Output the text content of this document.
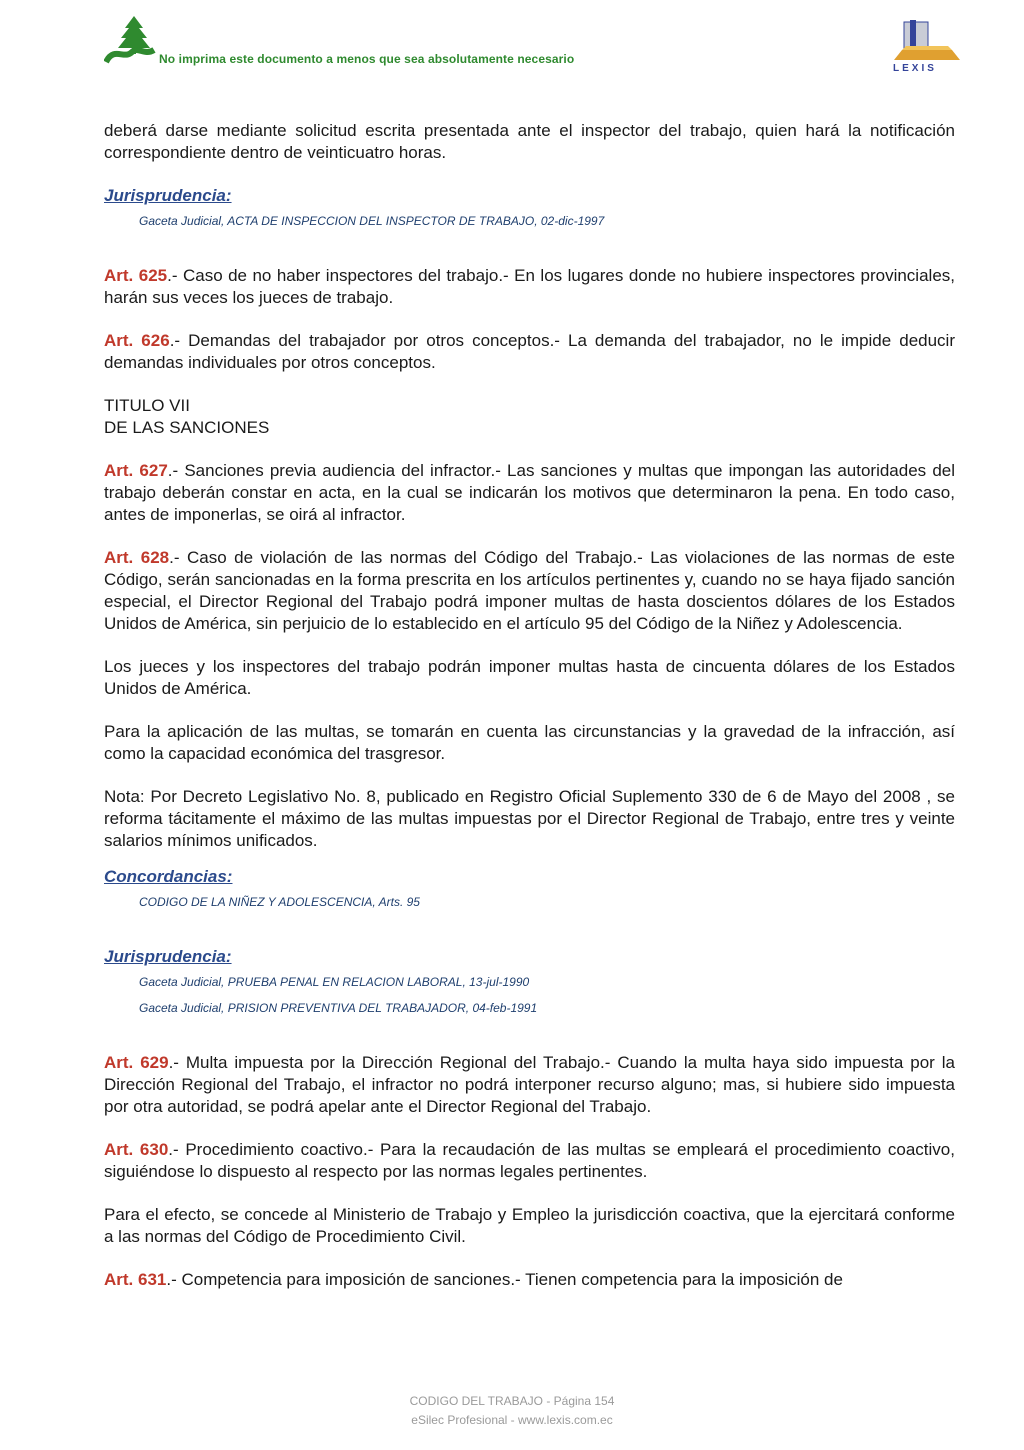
No imprima este documento a menos que sea absolutamente necesario
LEXIS

deberá darse mediante solicitud escrita presentada ante el inspector del trabajo, quien hará la notificación correspondiente dentro de veinticuatro horas.

Jurisprudencia:

Gaceta Judicial, ACTA DE INSPECCION DEL INSPECTOR DE TRABAJO, 02-dic-1997

Art. 625.- Caso de no haber inspectores del trabajo.- En los lugares donde no hubiere inspectores provinciales, harán sus veces los jueces de trabajo.

Art. 626.- Demandas del trabajador por otros conceptos.- La demanda del trabajador, no le impide deducir demandas individuales por otros conceptos.

TITULO VII

DE LAS SANCIONES

Art. 627.- Sanciones previa audiencia del infractor.- Las sanciones y multas que impongan las autoridades del trabajo deberán constar en acta, en la cual se indicarán los motivos que determinaron la pena. En todo caso, antes de imponerlas, se oirá al infractor.

Art. 628.- Caso de violación de las normas del Código del Trabajo.- Las violaciones de las normas de este Código, serán sancionadas en la forma prescrita en los artículos pertinentes y, cuando no se haya fijado sanción especial, el Director Regional del Trabajo podrá imponer multas de hasta doscientos dólares de los Estados Unidos de América, sin perjuicio de lo establecido en el artículo 95 del Código de la Niñez y Adolescencia.

Los jueces y los inspectores del trabajo podrán imponer multas hasta de cincuenta dólares de los Estados Unidos de América.

Para la aplicación de las multas, se tomarán en cuenta las circunstancias y la gravedad de la infracción, así como la capacidad económica del trasgresor.

Nota: Por Decreto Legislativo No. 8, publicado en Registro Oficial Suplemento 330 de 6 de Mayo del 2008 , se reforma tácitamente el máximo de las multas impuestas por el Director Regional de Trabajo, entre tres y veinte salarios mínimos unificados.

Concordancias:

CODIGO DE LA NIÑEZ Y ADOLESCENCIA, Arts. 95

Jurisprudencia:

Gaceta Judicial, PRUEBA PENAL EN RELACION LABORAL, 13-jul-1990

Gaceta Judicial, PRISION PREVENTIVA DEL TRABAJADOR, 04-feb-1991

Art. 629.- Multa impuesta por la Dirección Regional del Trabajo.- Cuando la multa haya sido impuesta por la Dirección Regional del Trabajo, el infractor no podrá interponer recurso alguno; mas, si hubiere sido impuesta por otra autoridad, se podrá apelar ante el Director Regional del Trabajo.

Art. 630.- Procedimiento coactivo.- Para la recaudación de las multas se empleará el procedimiento coactivo, siguiéndose lo dispuesto al respecto por las normas legales pertinentes.

Para el efecto, se concede al Ministerio de Trabajo y Empleo la jurisdicción coactiva, que la ejercitará conforme a las normas del Código de Procedimiento Civil.

Art. 631.- Competencia para imposición de sanciones.- Tienen competencia para la imposición de

CODIGO DEL TRABAJO - Página 154
eSilec Profesional - www.lexis.com.ec
